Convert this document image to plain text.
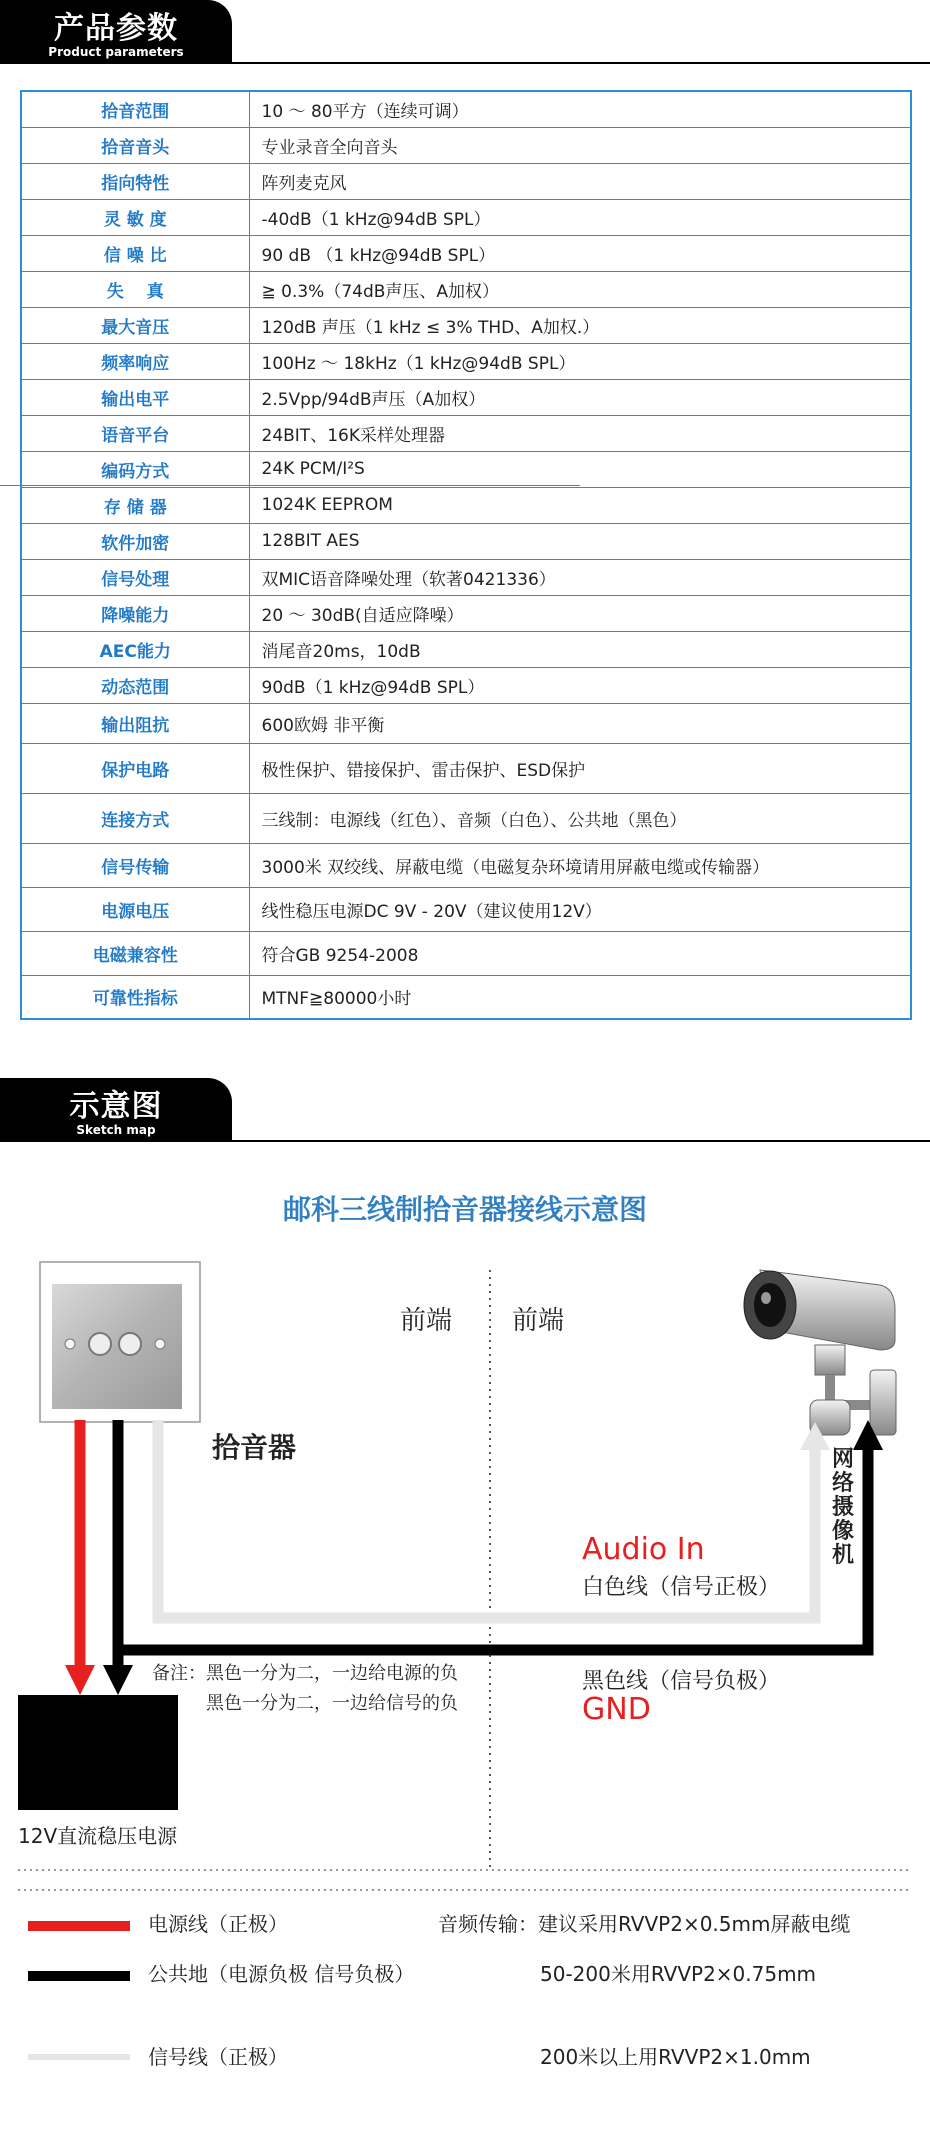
产品参数
Product parameters
拾音范围	10 ～ 80平方（连续可调）
拾音音头	专业录音全向音头
指向特性	阵列麦克风
灵 敏 度	-40dB（1 kHz@94dB SPL）
信 噪 比	90 dB （1 kHz@94dB SPL）
失　 真	≧ 0.3%（74dB声压、A加权）
最大音压	120dB 声压（1 kHz ≤ 3% THD、A加权.）
频率响应	100Hz ～ 18kHz（1 kHz@94dB SPL）
输出电平	2.5Vpp/94dB声压（A加权）
语音平台	24BIT、16K采样处理器
编码方式	24K PCM/I²S
存 储 器	1024K EEPROM
软件加密	128BIT AES
信号处理	双MIC语音降噪处理（软著0421336）
降噪能力	20 ～ 30dB(自适应降噪）
AEC能力	消尾音20ms，10dB
动态范围	90dB（1 kHz@94dB SPL）
输出阻抗	600欧姆 非平衡
保护电路	极性保护、错接保护、雷击保护、ESD保护
连接方式	三线制：电源线（红色）、音频（白色）、公共地（黑色）
信号传输	3000米 双绞线、屏蔽电缆（电磁复杂环境请用屏蔽电缆或传输器）
电源电压	线性稳压电源DC 9V - 20V（建议使用12V）
电磁兼容性	符合GB 9254-2008
可靠性指标	MTNF≧80000小时
示意图
Sketch map
邮科三线制拾音器接线示意图
前端 前端
拾音器	网络摄像机
Audio In
白色线（信号正极）
黑色线（信号负极）
GND
备注：黑色一分为二，一边给电源的负
黑色一分为二，一边给信号的负
12V直流稳压电源
电源线（正极）
公共地（电源负极 信号负极）
信号线（正极）
音频传输：建议采用RVVP2×0.5mm屏蔽电缆
50-200米用RVVP2×0.75mm
200米以上用RVVP2×1.0mm
